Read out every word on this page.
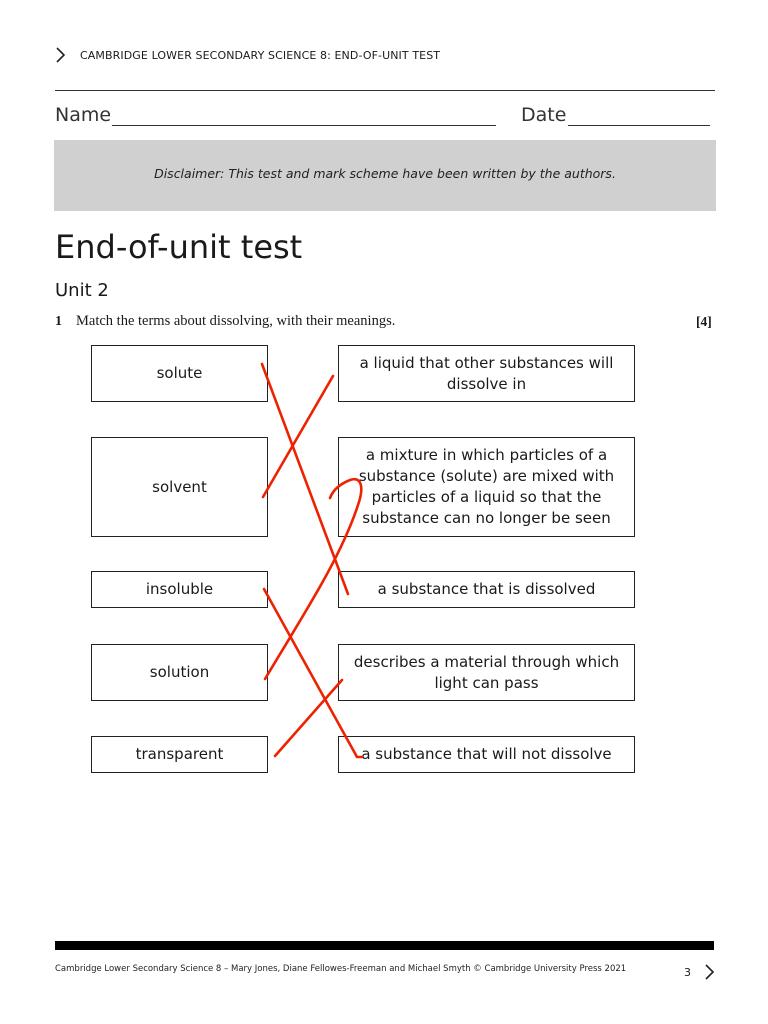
CAMBRIDGE LOWER SECONDARY SCIENCE 8: END-OF-UNIT TEST
Name	Date
Disclaimer: This test and mark scheme have been written by the authors.
End-of-unit test
Unit 2
1 Match the terms about dissolving, with their meanings.	[4]
solute
solvent
insoluble
solution
transparent
a liquid that other substances will dissolve in
a mixture in which particles of a substance (solute) are mixed with particles of a liquid so that the substance can no longer be seen
a substance that is dissolved
describes a material through which light can pass
a substance that will not dissolve
Cambridge Lower Secondary Science 8 – Mary Jones, Diane Fellowes-Freeman and Michael Smyth © Cambridge University Press 2021	3
